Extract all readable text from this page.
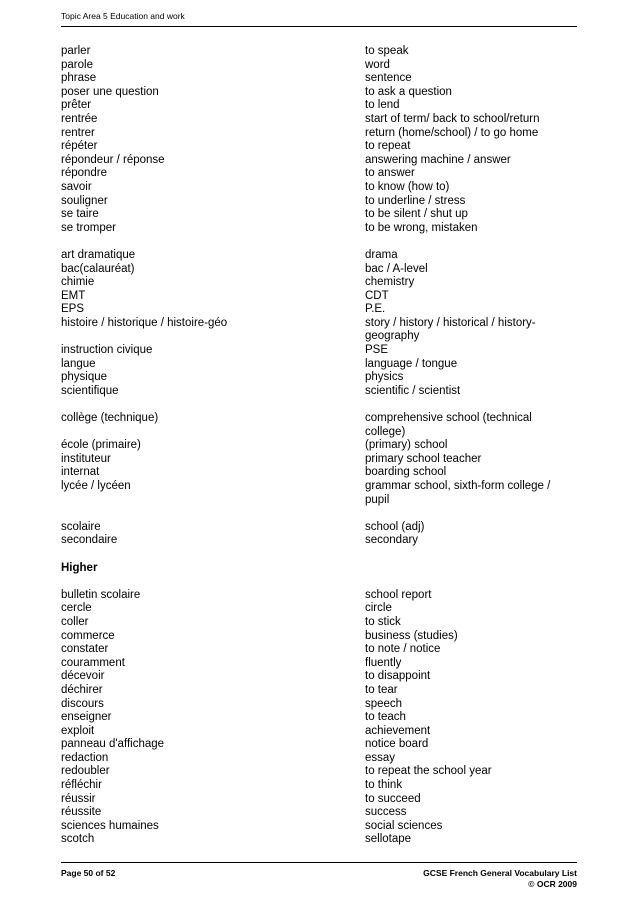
Topic Area 5 Education and work
parler	to speak
parole	word
phrase	sentence
poser une question	to ask a question
prêter	to lend
rentrée	start of term/ back to school/return
rentrer	return (home/school) / to go home
répéter	to repeat
répondeur / réponse	answering machine / answer
répondre	to answer
savoir	to know (how to)
souligner	to underline / stress
se taire	to be silent / shut up
se tromper	to be wrong, mistaken
art dramatique	drama
bac(calauréat)	bac / A-level
chimie	chemistry
EMT	CDT
EPS	P.E.
histoire / historique / histoire-géo	story / history / historical / history-geography
instruction civique	PSE
langue	language / tongue
physique	physics
scientifique	scientific / scientist
collège (technique)	comprehensive school (technical college)
école (primaire)	(primary) school
instituteur	primary school teacher
internat	boarding school
lycée / lycéen	grammar school, sixth-form college / pupil
scolaire	school (adj)
secondaire	secondary
Higher
bulletin scolaire	school report
cercle	circle
coller	to stick
commerce	business (studies)
constater	to note / notice
couramment	fluently
décevoir	to disappoint
déchirer	to tear
discours	speech
enseigner	to teach
exploit	achievement
panneau d'affichage	notice board
redaction	essay
redoubler	to repeat the school year
réfléchir	to think
réussir	to succeed
réussite	success
sciences humaines	social sciences
scotch	sellotape
Page 50 of 52	GCSE French General Vocabulary List
© OCR 2009
